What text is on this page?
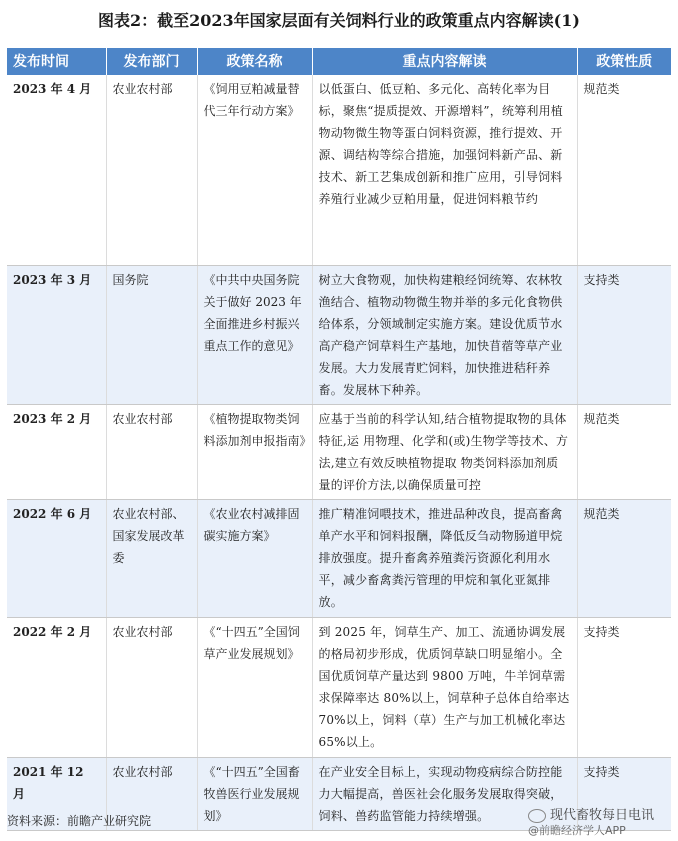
图表2：截至2023年国家层面有关饲料行业的政策重点内容解读(1)
发布时间	发布部门	政策名称	重点内容解读	政策性质
2023 年 4 月	农业农村部	《饲用豆粕减量替代三年行动方案》	以低蛋白、低豆粕、多元化、高转化率为目标，聚焦“提质提效、开源增料”，统筹利用植物动物微生物等蛋白饲料资源，推行提效、开源、调结构等综合措施，加强饲料新产品、新技术、新工艺集成创新和推广应用，引导饲料养殖行业减少豆粕用量，促进饲料粮节约	规范类
2023 年 3 月	国务院	《中共中央国务院关于做好 2023 年全面推进乡村振兴重点工作的意见》	树立大食物观，加快构建粮经饲统筹、农林牧渔结合、植物动物微生物并举的多元化食物供给体系，分领域制定实施方案。建设优质节水高产稳产饲草料生产基地，加快苜蓿等草产业发展。大力发展青贮饲料，加快推进秸秆养畜。发展林下种养。	支持类
2023 年 2 月	农业农村部	《植物提取物类饲料添加剂申报指南》	应基于当前的科学认知,结合植物提取物的具体特征,运 用物理、化学和(或)生物学等技术、方法,建立有效反映植物提取 物类饲料添加剂质量的评价方法,以确保质量可控	规范类
2022 年 6 月	农业农村部、国家发展改革委	《农业农村减排固碳实施方案》	推广精准饲喂技术，推进品种改良，提高畜禽单产水平和饲料报酬，降低反刍动物肠道甲烷排放强度。提升畜禽养殖粪污资源化利用水平，减少畜禽粪污管理的甲烷和氧化亚氮排放。	规范类
2022 年 2 月	农业农村部	《“十四五”全国饲草产业发展规划》	到 2025 年，饲草生产、加工、流通协调发展的格局初步形成，优质饲草缺口明显缩小。全国优质饲草产量达到 9800 万吨，牛羊饲草需求保障率达 80%以上，饲草种子总体自给率达 70%以上，饲料（草）生产与加工机械化率达 65%以上。	支持类
2021 年 12 月	农业农村部	《“十四五”全国畜牧兽医行业发展规划》	在产业安全目标上，实现动物疫病综合防控能力大幅提高，兽医社会化服务发展取得突破，饲料、兽药监管能力持续增强。	支持类
资料来源：前瞻产业研究院	现代畜牧每日电讯
@前瞻经济学人APP
